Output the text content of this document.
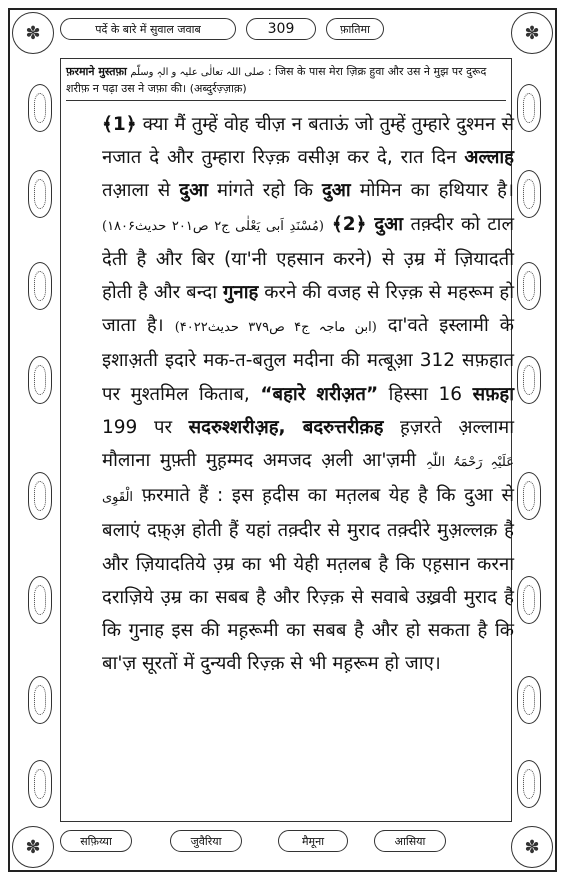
✽
✽
✽
✽
पर्दे के बारे में सुवाल जवाब	309	फ़ातिमा
फ़रमाने मुस्तफ़ा صلی اللہ تعالٰی علیہ و الہٖ وسلّم : जिस के पास मेरा ज़िक्र हुवा और उस ने मुझ पर दुरूद शरीफ़ न पढ़ा उस ने जफ़ा की। (अब्दुर्रज़्ज़ाक़)

﴾1﴿ क्या मैं तुम्हें वोह चीज़ न बताऊं जो तुम्हें तुम्हारे दुश्मन से नजात दे और तुम्हारा रिज़्क़ वसीअ़ कर दे, रात दिन अल्लाह तआ़ला से दुआ मांगते रहो कि दुआ मोमिन का हथियार है। (مُسْنَدِ اَبی یَعْلٰی ج۲ ص۲۰۱ حدیث۱۸۰۶) ﴾2﴿ दुआ तक़्दीर को टाल देती है और बिर (या'नी एहसान करने) से उ़म्र में ज़ियादती होती है और बन्दा गुनाह करने की वजह से रिज़्क़ से महरूम हो जाता है। (ابن ماجہ ج۴ ص۳۷۹ حدیث۴۰۲۲) दा'वते इस्लामी के इशाअ़ती इदारे मक-त-बतुल मदीना की मत्बूआ़ 312 सफ़हात पर मुश्तमिल किताब, “बहारे शरीअ़त” हिस्सा 16 सफ़हा 199 पर सदरुश्शरीअ़ह, बदरुत्तरीक़ह ह़ज़रते अ़ल्लामा मौलाना मुफ़्ती मुह़म्मद अमजद अ़ली आ'ज़मी عَلَیْہِ رَحْمَۃُ اللّٰہِ الْقَوِی फ़रमाते हैं : इस ह़दीस का मत़लब येह है कि दुआ से बलाएं दफ़्अ़ होती हैं यहां तक़्दीर से मुराद तक़्दीरे मुअ़ल्लक़ है और ज़ियादतिये उ़म्र का भी येही मत़लब है कि एह़सान करना दराज़िये उ़म्र का सबब है और रिज़्क़ से सवाबे उख़्रवी मुराद है कि गुनाह इस की मह़रूमी का सबब है और हो सकता है कि बा'ज़ सूरतों में दुन्यवी रिज़्क़ से भी मह़रूम हो जाए।

सफ़िय्या	जुवैरिया	मैमूना	आसिया
